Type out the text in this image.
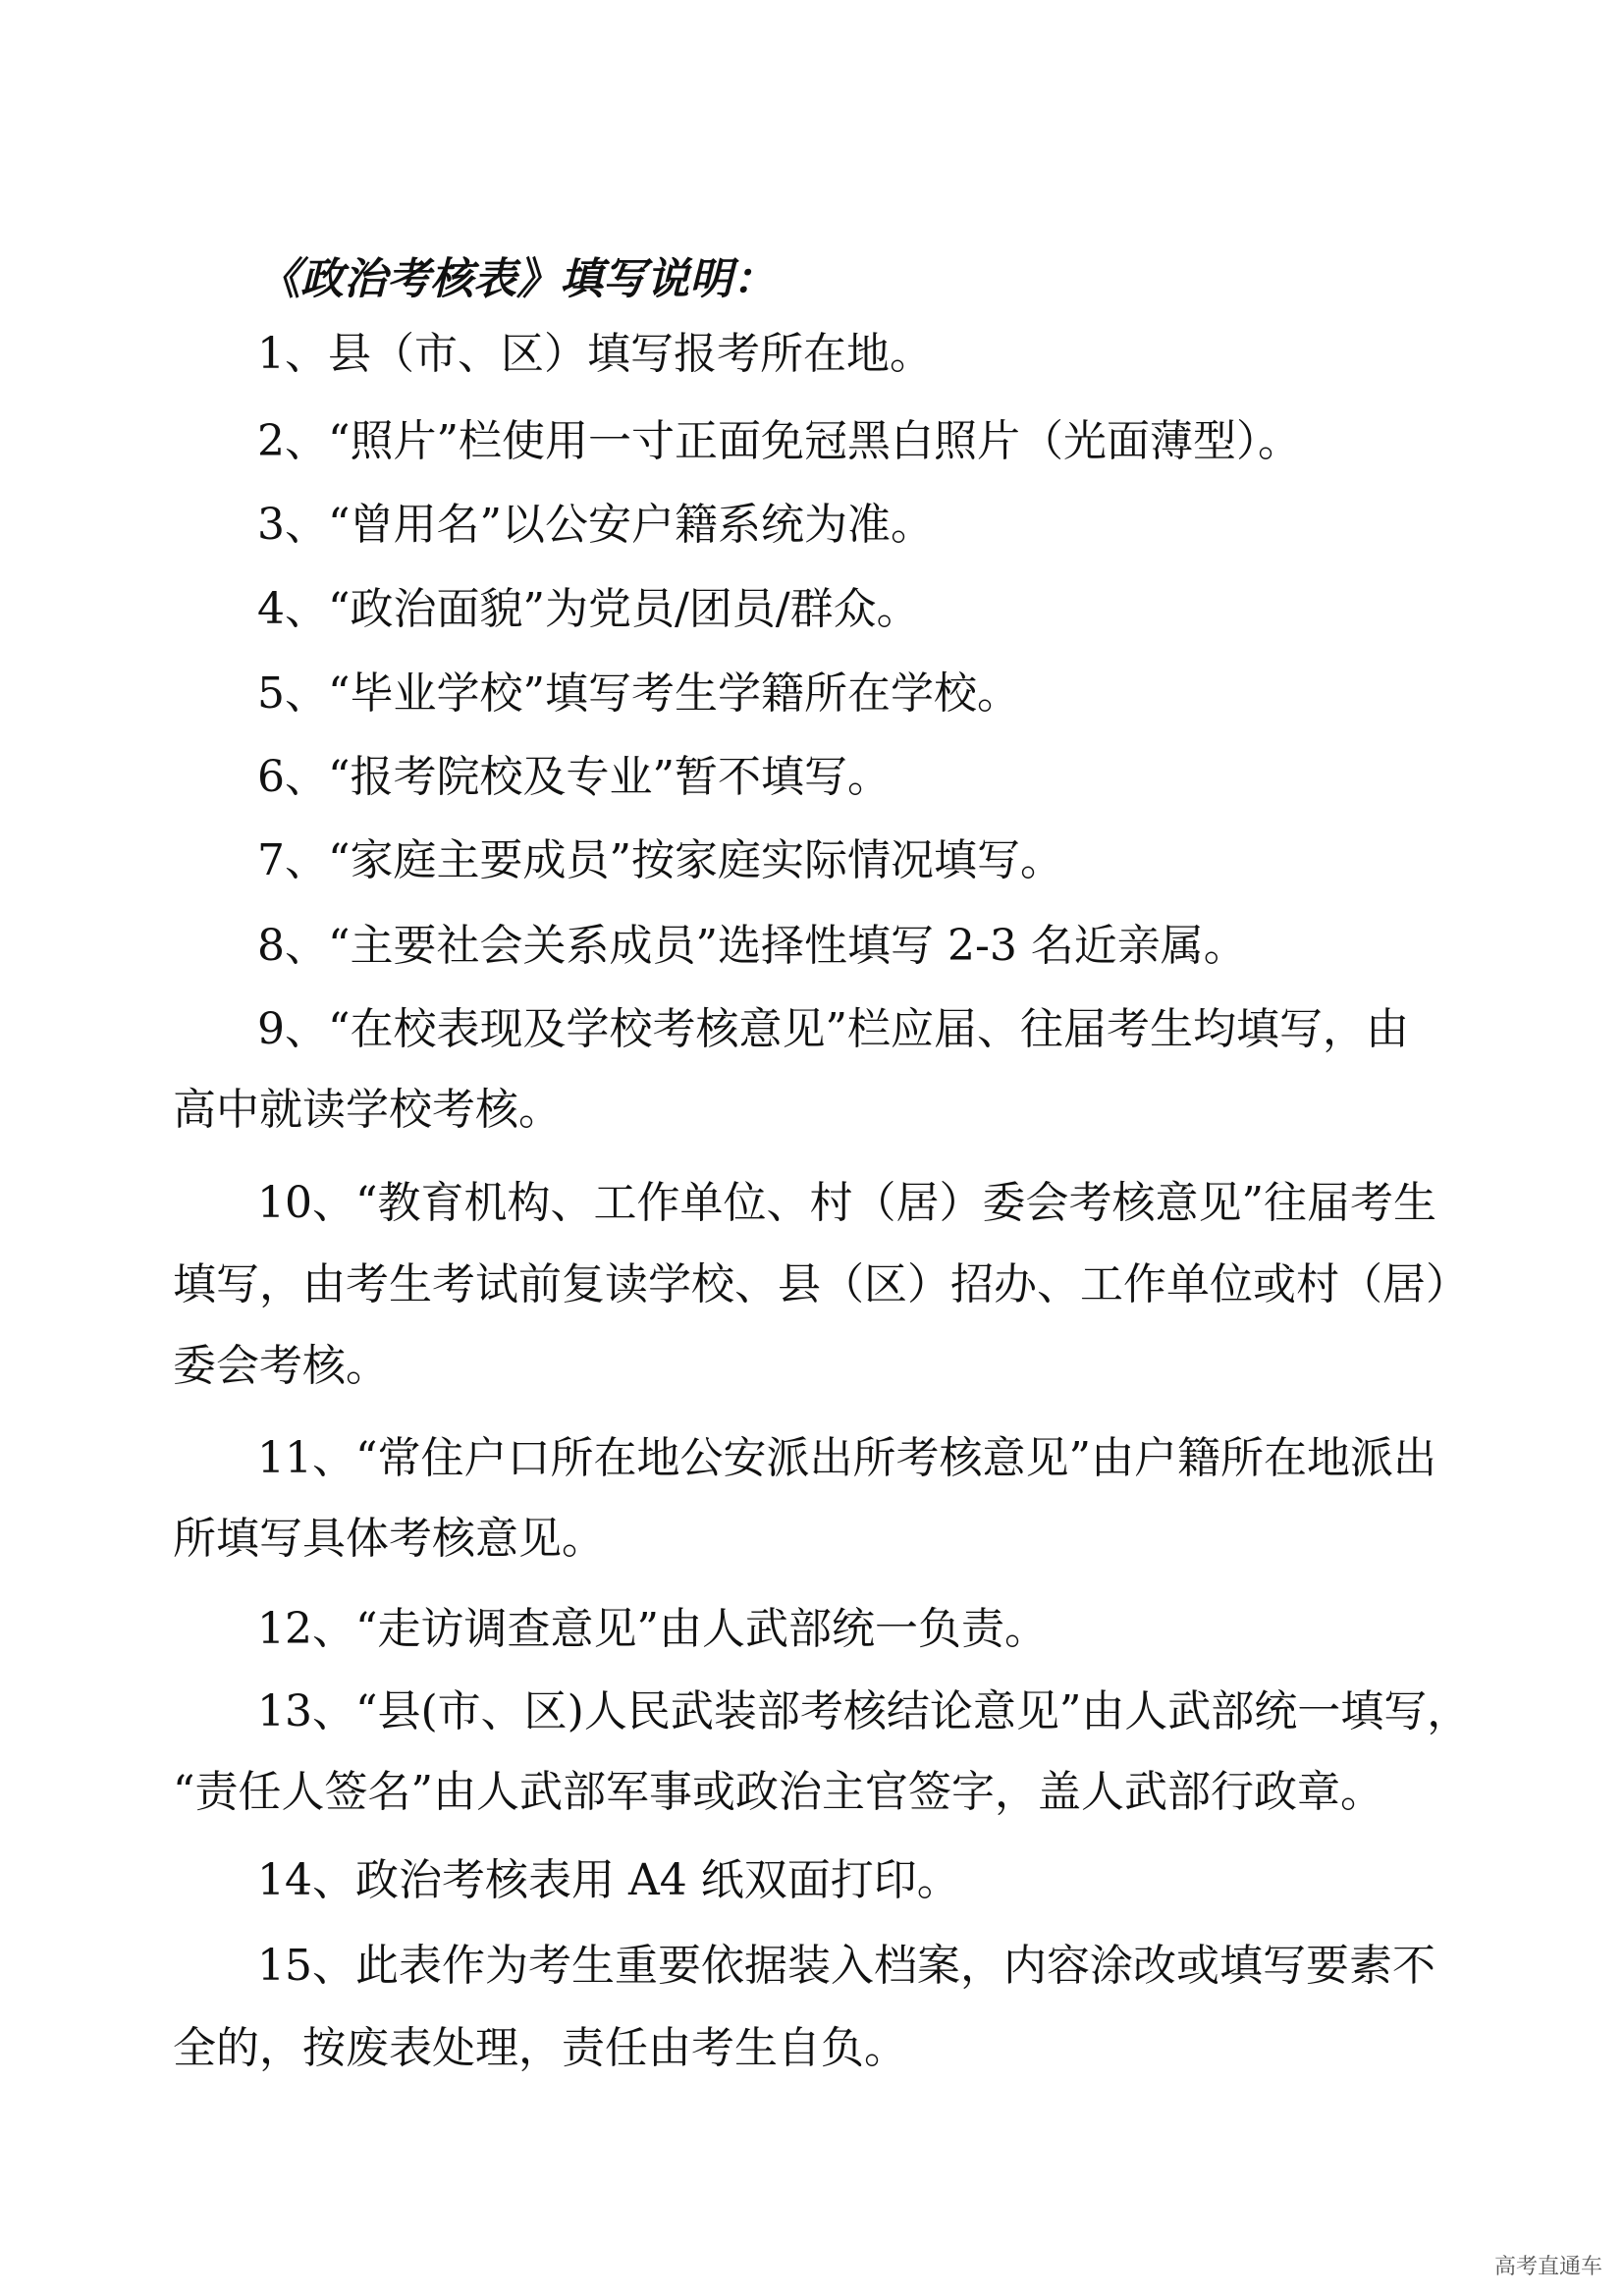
《政治考核表》填写说明：
1、县（市、区）填写报考所在地。
2、“照片”栏使用一寸正面免冠黑白照片（光面薄型）。
3、“曾用名”以公安户籍系统为准。
4、“政治面貌”为党员/团员/群众。
5、“毕业学校”填写考生学籍所在学校。
6、“报考院校及专业”暂不填写。
7、“家庭主要成员”按家庭实际情况填写。
8、“主要社会关系成员”选择性填写 2-3 名近亲属。
9、“在校表现及学校考核意见”栏应届、往届考生均填写，由
高中就读学校考核。
10、“教育机构、工作单位、村（居）委会考核意见”往届考生
填写，由考生考试前复读学校、县（区）招办、工作单位或村（居）
委会考核。
11、“常住户口所在地公安派出所考核意见”由户籍所在地派出
所填写具体考核意见。
12、“走访调查意见”由人武部统一负责。
13、“县(市、区)人民武装部考核结论意见”由人武部统一填写，
“责任人签名”由人武部军事或政治主官签字，盖人武部行政章。
14、政治考核表用 A4 纸双面打印。
15、此表作为考生重要依据装入档案，内容涂改或填写要素不
全的，按废表处理，责任由考生自负。
高考直通车
